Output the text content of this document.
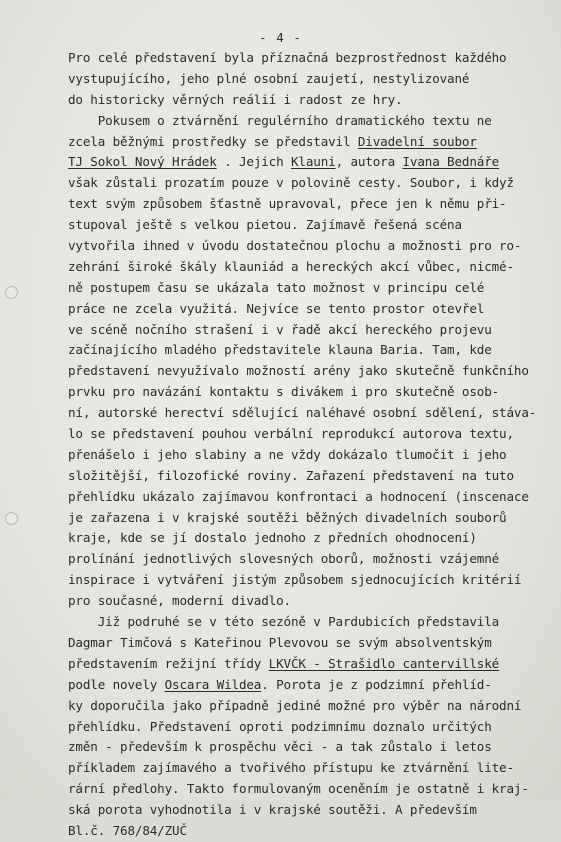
- 4 -
Pro celé představení byla příznačná bezprostřednost každého
vystupujícího, jeho plné osobní zaujetí, nestylizované
do historicky věrných reálií i radost ze hry.
Pokusem o ztvárnění regulérního dramatického textu ne
zcela běžnými prostředky se představil Divadelní soubor
TJ Sokol Nový Hrádek . Jejich Klauni, autora Ivana Bednáře
však zůstali prozatím pouze v polovině cesty. Soubor, i když
text svým způsobem šťastně upravoval, přece jen k němu při-
stupoval ještě s velkou pietou. Zajímavě řešená scéna
vytvořila ihned v úvodu dostatečnou plochu a možnosti pro ro-
zehrání široké škály klauniád a hereckých akcí vůbec, nicmé-
ně postupem času se ukázala tato možnost v principu celé
práce ne zcela využitá. Nejvíce se tento prostor otevřel
ve scéně nočního strašení i v řadě akcí hereckého projevu
začínajícího mladého představitele klauna Baria. Tam, kde
představení nevyužívalo možností arény jako skutečně funkčního
prvku pro navázání kontaktu s divákem i pro skutečně osob-
ní, autorské herectví sdělující naléhavé osobní sdělení, stáva-
lo se představení pouhou verbální reprodukcí autorova textu,
přenášelo i jeho slabiny a ne vždy dokázalo tlumočit i jeho
složitější, filozofické roviny. Zařazení představení na tuto
přehlídku ukázalo zajímavou konfrontaci a hodnocení (inscenace
je zařazena i v krajské soutěži běžných divadelních souborů
kraje, kde se jí dostalo jednoho z předních ohodnocení)
prolínání jednotlivých slovesných oborů, možnosti vzájemné
inspirace i vytváření jistým způsobem sjednocujících kritérií
pro současné, moderní divadlo.
Již podruhé se v této sezóně v Pardubicích představila
Dagmar Timčová s Kateřinou Plevovou se svým absolventským
představením režijní třídy LKVČK - Strašidlo cantervillské
podle novely Oscara Wildea. Porota je z podzimní přehlíd-
ky doporučila jako případně jediné možné pro výběr na národní
přehlídku. Představení oproti podzimnímu doznalo určitých
změn - především k prospěchu věci - a tak zůstalo i letos
příkladem zajímavého a tvořivého přístupu ke ztvárnění lite-
rární předlohy. Takto formulovaným oceněním je ostatně i kraj-
ská porota vyhodnotila i v krajské soutěži. A především
Bl.č. 768/84/ZUČ
